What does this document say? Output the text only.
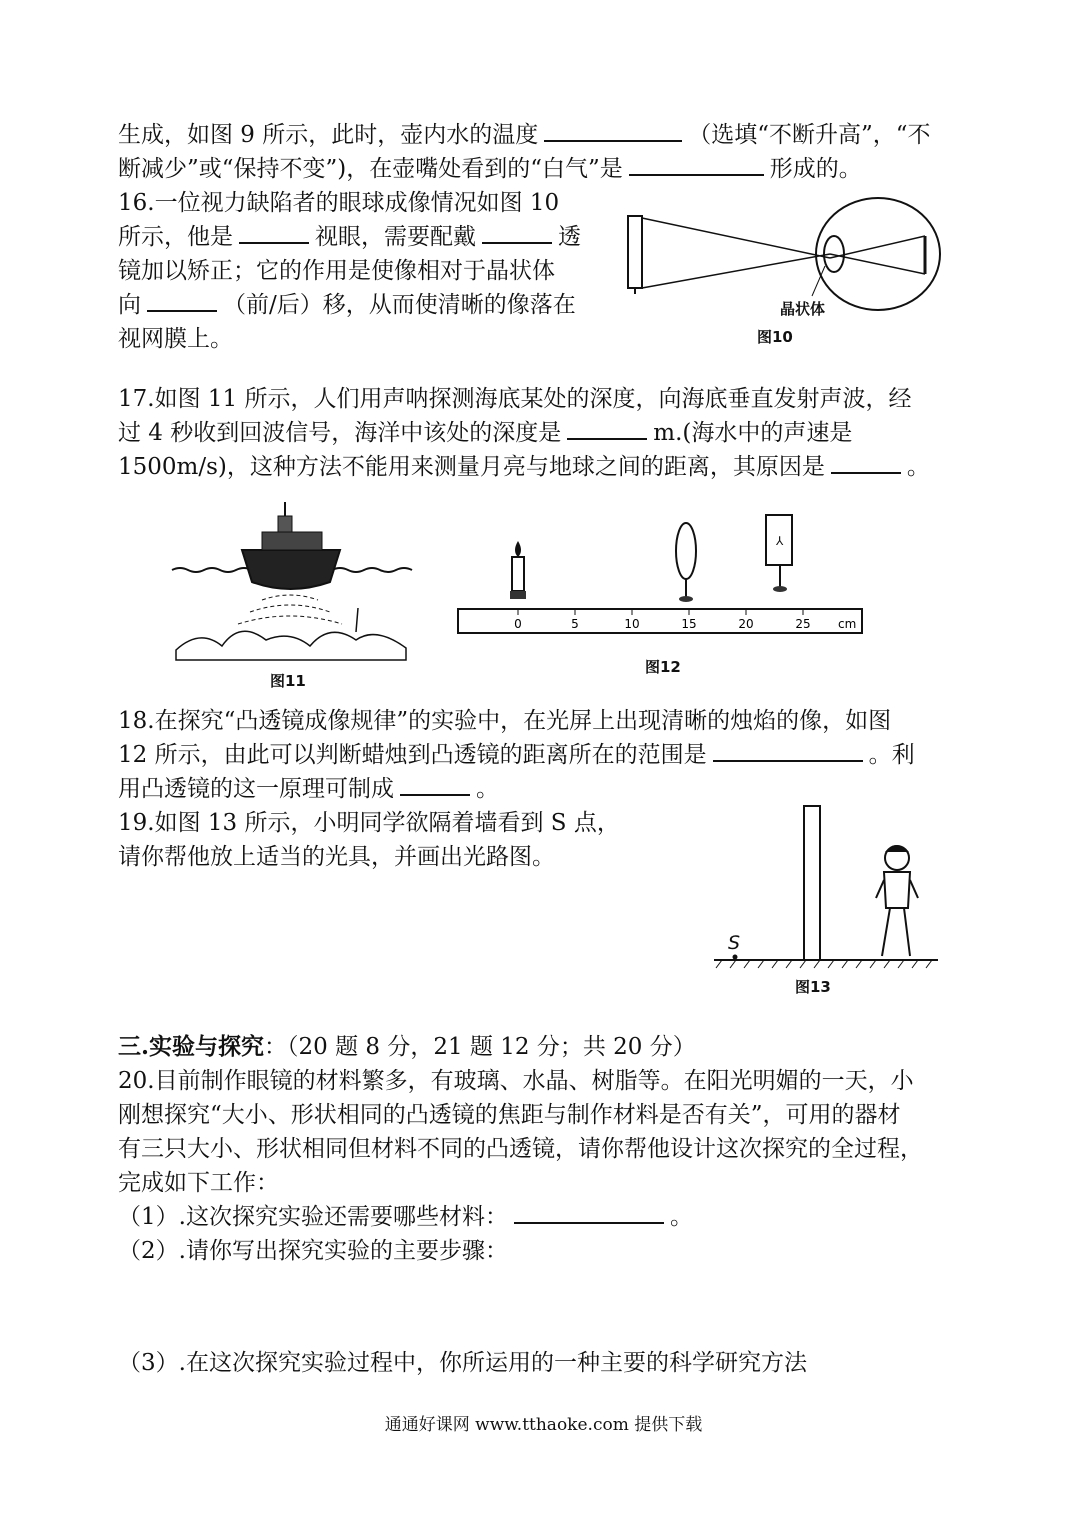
生成，如图 9 所示，此时，壶内水的温度	（选填“不断升高”，“不
断减少”或“保持不变”)，在壶嘴处看到的“白气”是	形成的。
16.一位视力缺陷者的眼球成像情况如图 10
所示，他是	视眼，需要配戴	透
镜加以矫正；它的作用是使像相对于晶状体
向	（前/后）移，从而使清晰的像落在
视网膜上。
晶状体
图10
17.如图 11 所示，人们用声呐探测海底某处的深度，向海底垂直发射声波，经
过 4 秒收到回波信号，海洋中该处的深度是	m.(海水中的声速是
1500m/s)，这种方法不能用来测量月亮与地球之间的距离，其原因是	。
图11
⅄
0	5	10	15	20	25 cm
图12
18.在探究“凸透镜成像规律”的实验中，在光屏上出现清晰的烛焰的像，如图
12 所示，由此可以判断蜡烛到凸透镜的距离所在的范围是	。利
用凸透镜的这一原理可制成	。
19.如图 13 所示，小明同学欲隔着墙看到 S 点，
请你帮他放上适当的光具，并画出光路图。
S
图13
三.实验与探究：（20 题 8 分，21 题 12 分；共 20 分）
20.目前制作眼镜的材料繁多，有玻璃、水晶、树脂等。在阳光明媚的一天，小
刚想探究“大小、形状相同的凸透镜的焦距与制作材料是否有关”，可用的器材
有三只大小、形状相同但材料不同的凸透镜，请你帮他设计这次探究的全过程，
完成如下工作：
（1）.这次探究实验还需要哪些材料：	。
（2）.请你写出探究实验的主要步骤：
（3）.在这次探究实验过程中，你所运用的一种主要的科学研究方法
通通好课网 www.tthaoke.com 提供下载
